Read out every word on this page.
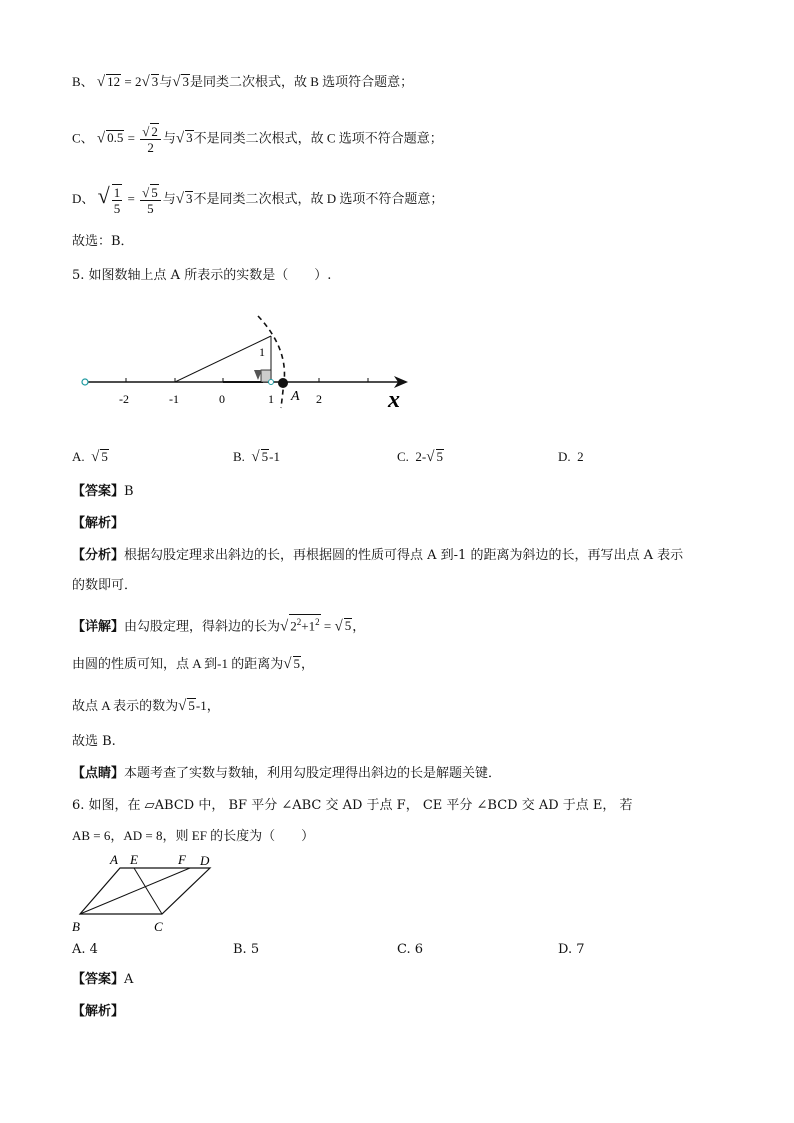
B、 √ 12 = 2√ 3与√ 3是同类二次根式，故 B 选项符合题意；
C、 √ $0.5 = \frac{√ 2}{2}$ 与√ 3不是同类二次根式，故 C 选项不符合题意；
D、 √ $\frac{1}{5} = \frac{√ 5}{5}$ 与√ 3不是同类二次根式，故 D 选项不符合题意；
故选：B．
5. 如图数轴上点 A 所表示的实数是（　　）.
-2	-1	0	1	2
1
A	x
A. √ 5	B. √ 5-1	C. 2-√ 5	D. 2
【答案】B
【解析】
【分析】根据勾股定理求出斜边的长，再根据圆的性质可得点 A 到-1 的距离为斜边的长，再写出点 A 表示
的数即可．
【详解】由勾股定理，得斜边的长为√ $2^2+1^2$ = √ 5，
由圆的性质可知，点 A 到-1 的距离为√ 5，
故点 A 表示的数为√ 5-1，
故选 B.
【点睛】本题考查了实数与数轴，利用勾股定理得出斜边的长是解题关键．
6. 如图，在 ▱ABCD 中， BF 平分 ∠ABC 交 AD 于点 F， CE 平分 ∠BCD 交 AD 于点 E， 若
AB = 6，AD = 8，则 EF 的长度为（　　）
A E	F D
B	C
A. 4	B. 5	C. 6	D. 7
【答案】A
【解析】
